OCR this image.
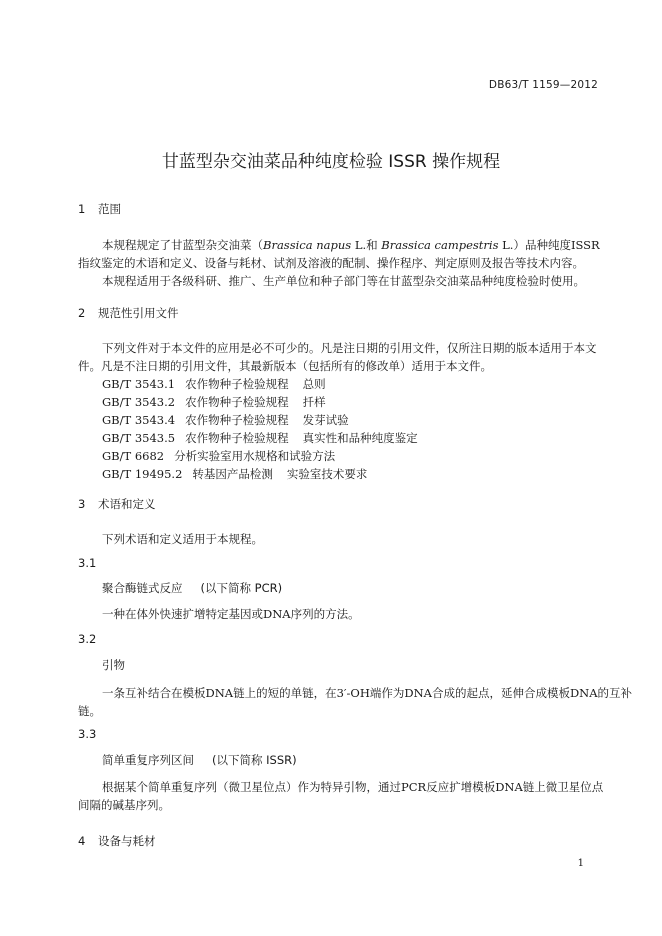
DB63/T 1159—2012
甘蓝型杂交油菜品种纯度检验 ISSR 操作规程
1 范围
本规程规定了甘蓝型杂交油菜（Brassica napus L.和 Brassica campestris L.）品种纯度ISSR
指纹鉴定的术语和定义、设备与耗材、试剂及溶液的配制、操作程序、判定原则及报告等技术内容。
本规程适用于各级科研、推广、生产单位和种子部门等在甘蓝型杂交油菜品种纯度检验时使用。
2 规范性引用文件
下列文件对于本文件的应用是必不可少的。凡是注日期的引用文件，仅所注日期的版本适用于本文
件。凡是不注日期的引用文件，其最新版本（包括所有的修改单）适用于本文件。
GB/T 3543.1 农作物种子检验规程 总则
GB/T 3543.2 农作物种子检验规程 扦样
GB/T 3543.4 农作物种子检验规程 发芽试验
GB/T 3543.5 农作物种子检验规程 真实性和品种纯度鉴定
GB/T 6682 分析实验室用水规格和试验方法
GB/T 19495.2 转基因产品检测 实验室技术要求
3 术语和定义
下列术语和定义适用于本规程。
3.1
聚合酶链式反应 (以下简称 PCR)
一种在体外快速扩增特定基因或DNA序列的方法。
3.2
引物
一条互补结合在模板DNA链上的短的单链，在3′-OH端作为DNA合成的起点，延伸合成模板DNA的互补
链。
3.3
简单重复序列区间 (以下简称 ISSR)
根据某个简单重复序列（微卫星位点）作为特异引物，通过PCR反应扩增模板DNA链上微卫星位点
间隔的碱基序列。
4 设备与耗材
1
